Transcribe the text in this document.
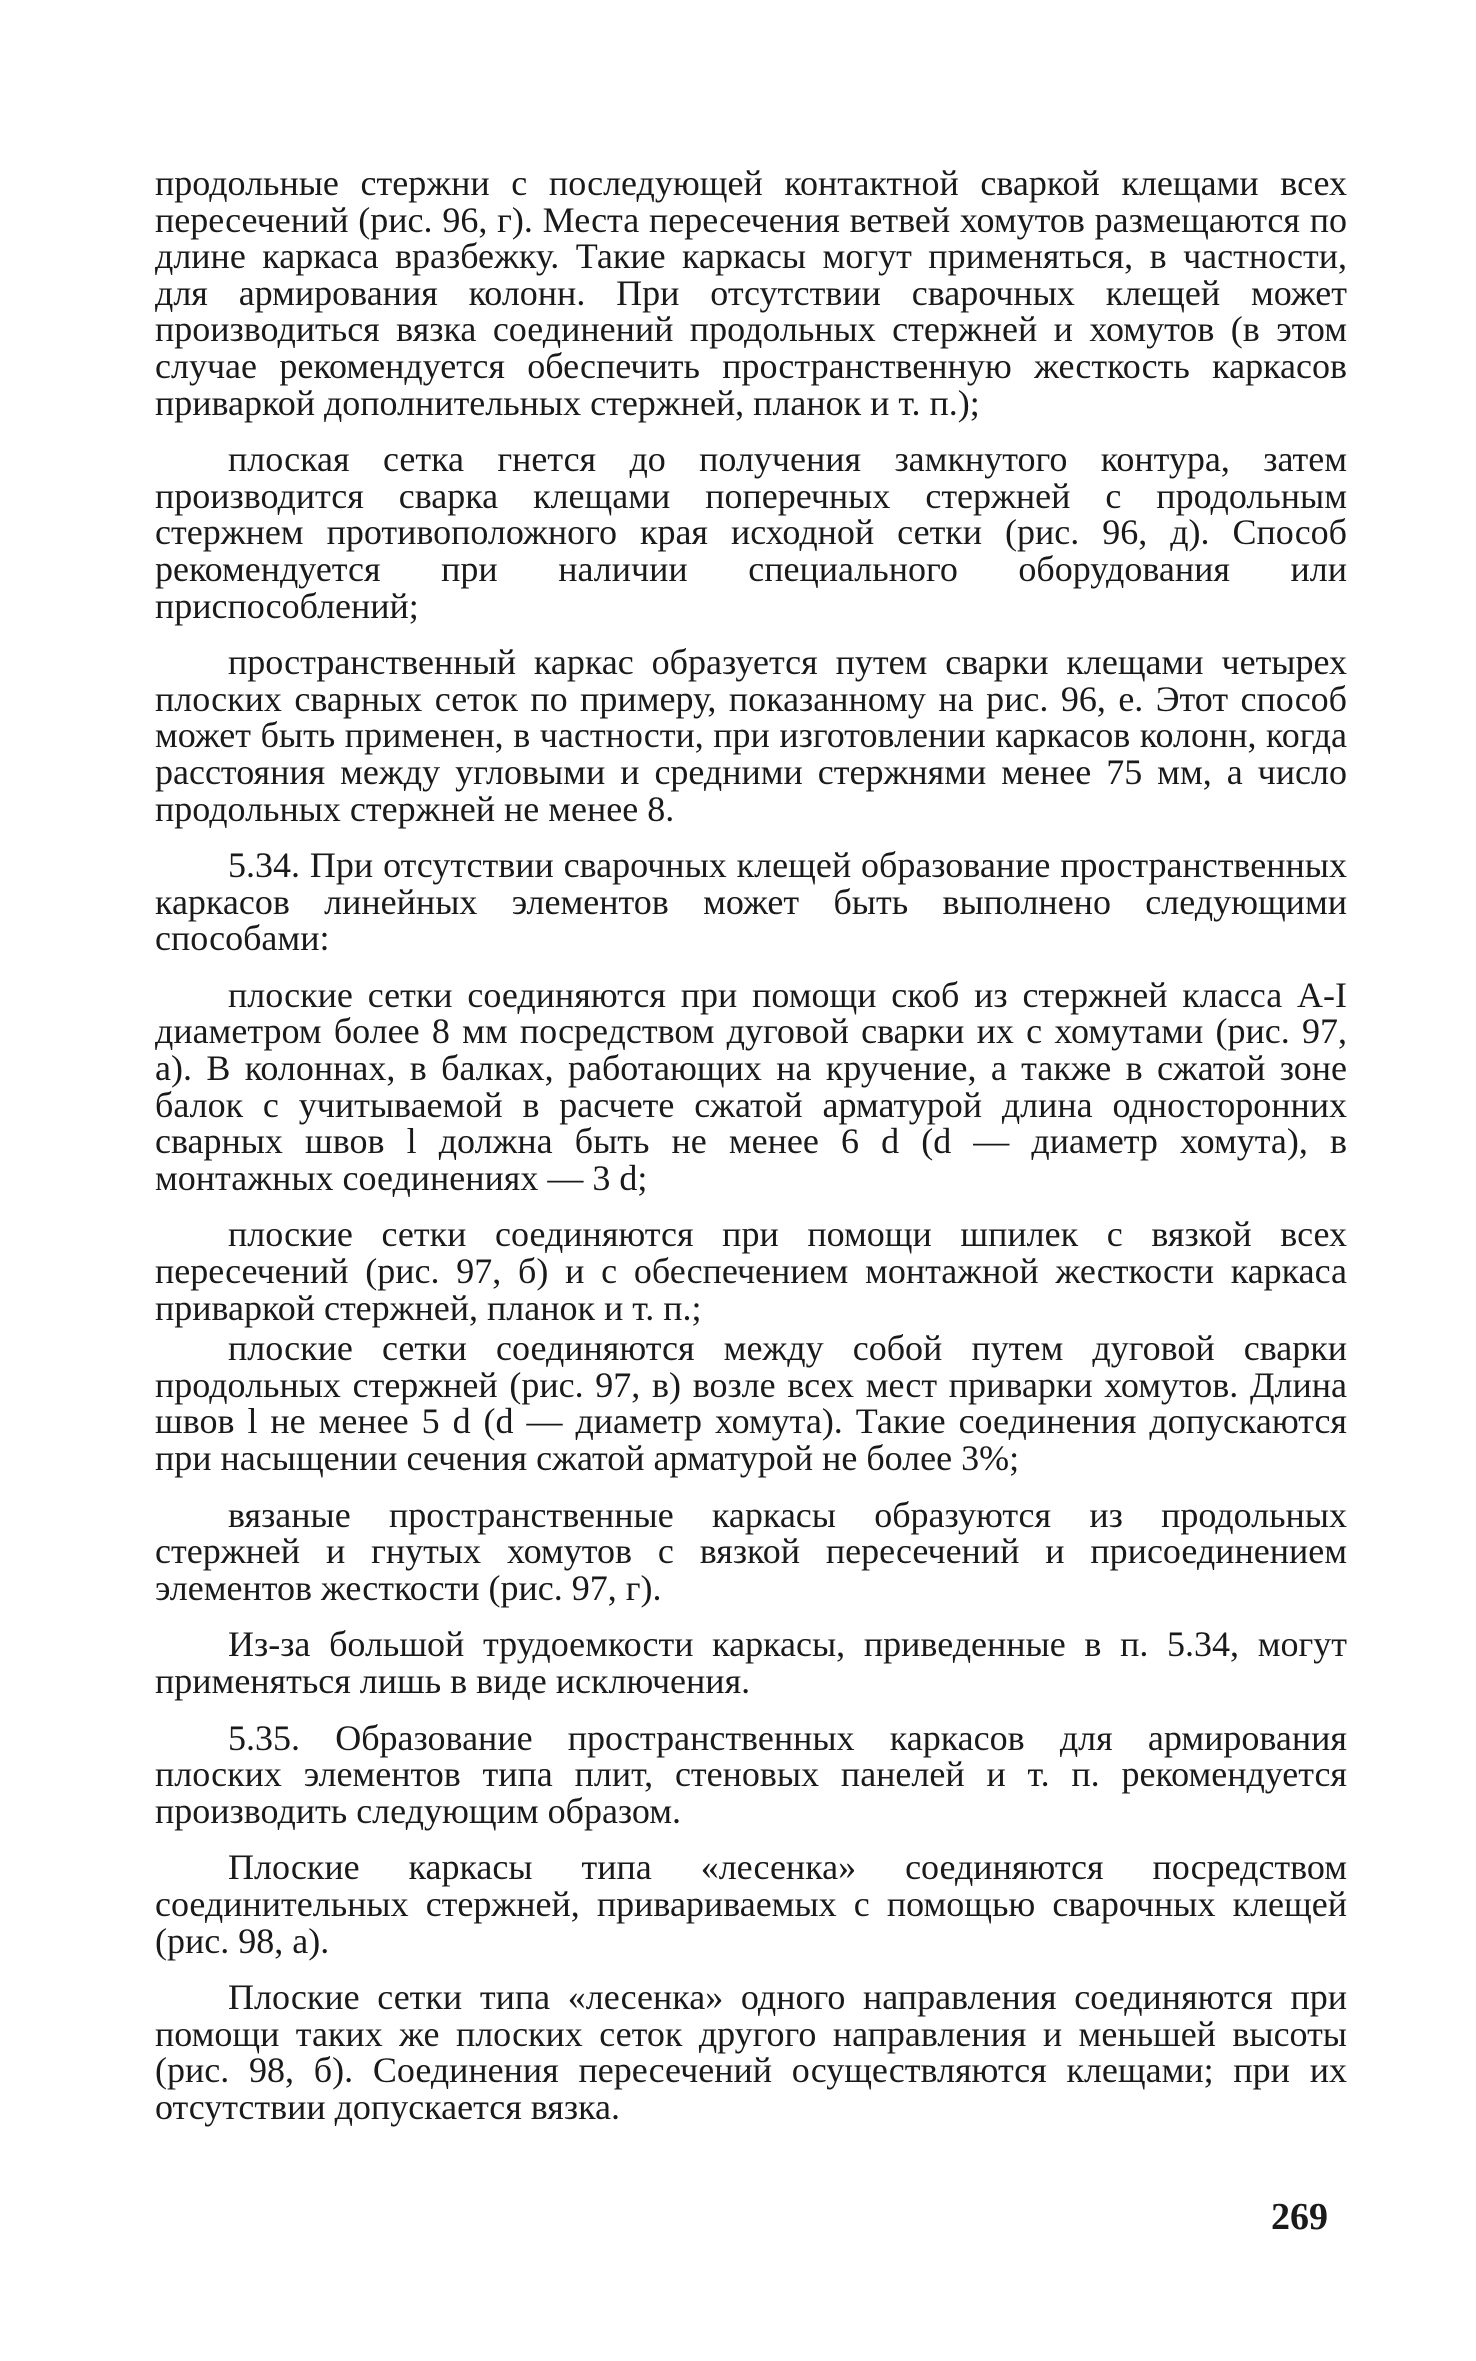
продольные стержни с последующей контактной сваркой клещами всех пересечений (рис. 96, г). Места пересечения ветвей хомутов размещаются по длине каркаса вразбежку. Такие каркасы могут применяться, в частности, для армирования колонн. При отсутствии сварочных клещей может производиться вязка соединений продольных стержней и хомутов (в этом случае рекомендуется обеспечить пространственную жесткость каркасов приваркой дополнительных стержней, планок и т. п.);

плоская сетка гнется до получения замкнутого контура, затем производится сварка клещами поперечных стержней с продольным стержнем противоположного края исходной сетки (рис. 96, д). Способ рекомендуется при наличии специального оборудования или приспособлений;

пространственный каркас образуется путем сварки клещами четырех плоских сварных сеток по примеру, показанному на рис. 96, е. Этот способ может быть применен, в частности, при изготовлении каркасов колонн, когда расстояния между угловыми и средними стержнями менее 75 мм, а число продольных стержней не менее 8.

5.34. При отсутствии сварочных клещей образование пространственных каркасов линейных элементов может быть выполнено следующими способами:

плоские сетки соединяются при помощи скоб из стержней класса А-I диаметром более 8 мм посредством дуговой сварки их с хомутами (рис. 97, а). В колоннах, в балках, работающих на кручение, а также в сжатой зоне балок с учитываемой в расчете сжатой арматурой длина односторонних сварных швов l должна быть не менее 6 d (d — диаметр хомута), в монтажных соединениях — 3 d;

плоские сетки соединяются при помощи шпилек с вязкой всех пересечений (рис. 97, б) и с обеспечением монтажной жесткости каркаса приваркой стержней, планок и т. п.;

плоские сетки соединяются между собой путем дуговой сварки продольных стержней (рис. 97, в) возле всех мест приварки хомутов. Длина швов l не менее 5 d (d — диаметр хомута). Такие соединения допускаются при насыщении сечения сжатой арматурой не более 3%;

вязаные пространственные каркасы образуются из продольных стержней и гнутых хомутов с вязкой пересечений и присоединением элементов жесткости (рис. 97, г).

Из-за большой трудоемкости каркасы, приведенные в п. 5.34, могут применяться лишь в виде исключения.

5.35. Образование пространственных каркасов для армирования плоских элементов типа плит, стеновых панелей и т. п. рекомендуется производить следующим образом.

Плоские каркасы типа «лесенка» соединяются посредством соединительных стержней, привариваемых с помощью сварочных клещей (рис. 98, а).

Плоские сетки типа «лесенка» одного направления соединяются при помощи таких же плоских сеток другого направления и меньшей высоты (рис. 98, б). Соединения пересечений осуществляются клещами; при их отсутствии допускается вязка.

269
